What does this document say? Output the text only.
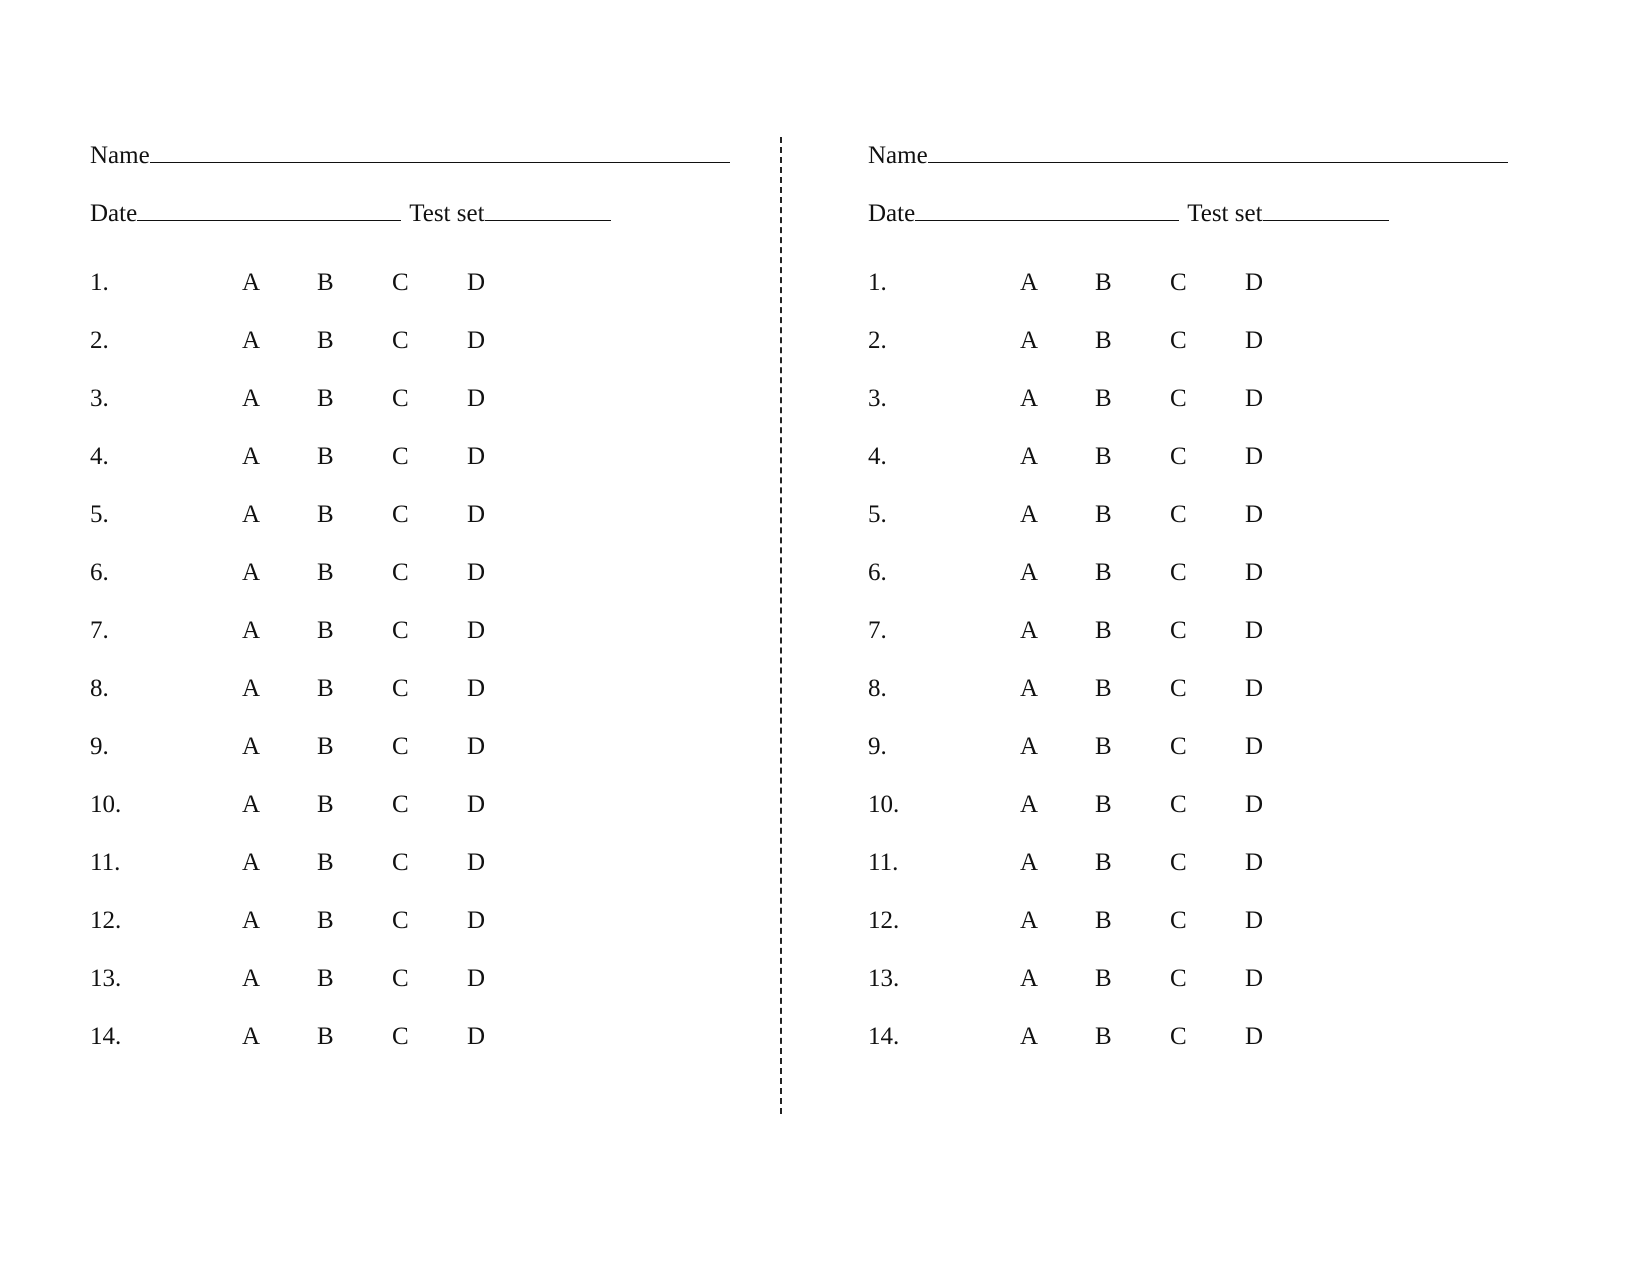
Name
Date	Test set
1.	A B C D
2.	A B C D
3.	A B C D
4.	A B C D
5.	A B C D
6.	A B C D
7.	A B C D
8.	A B C D
9.	A B C D
10.	A B C D
11.	A B C D
12.	A B C D
13.	A B C D
14.	A B C D
Name
Date	Test set
1.	A B C D
2.	A B C D
3.	A B C D
4.	A B C D
5.	A B C D
6.	A B C D
7.	A B C D
8.	A B C D
9.	A B C D
10.	A B C D
11.	A B C D
12.	A B C D
13.	A B C D
14.	A B C D
